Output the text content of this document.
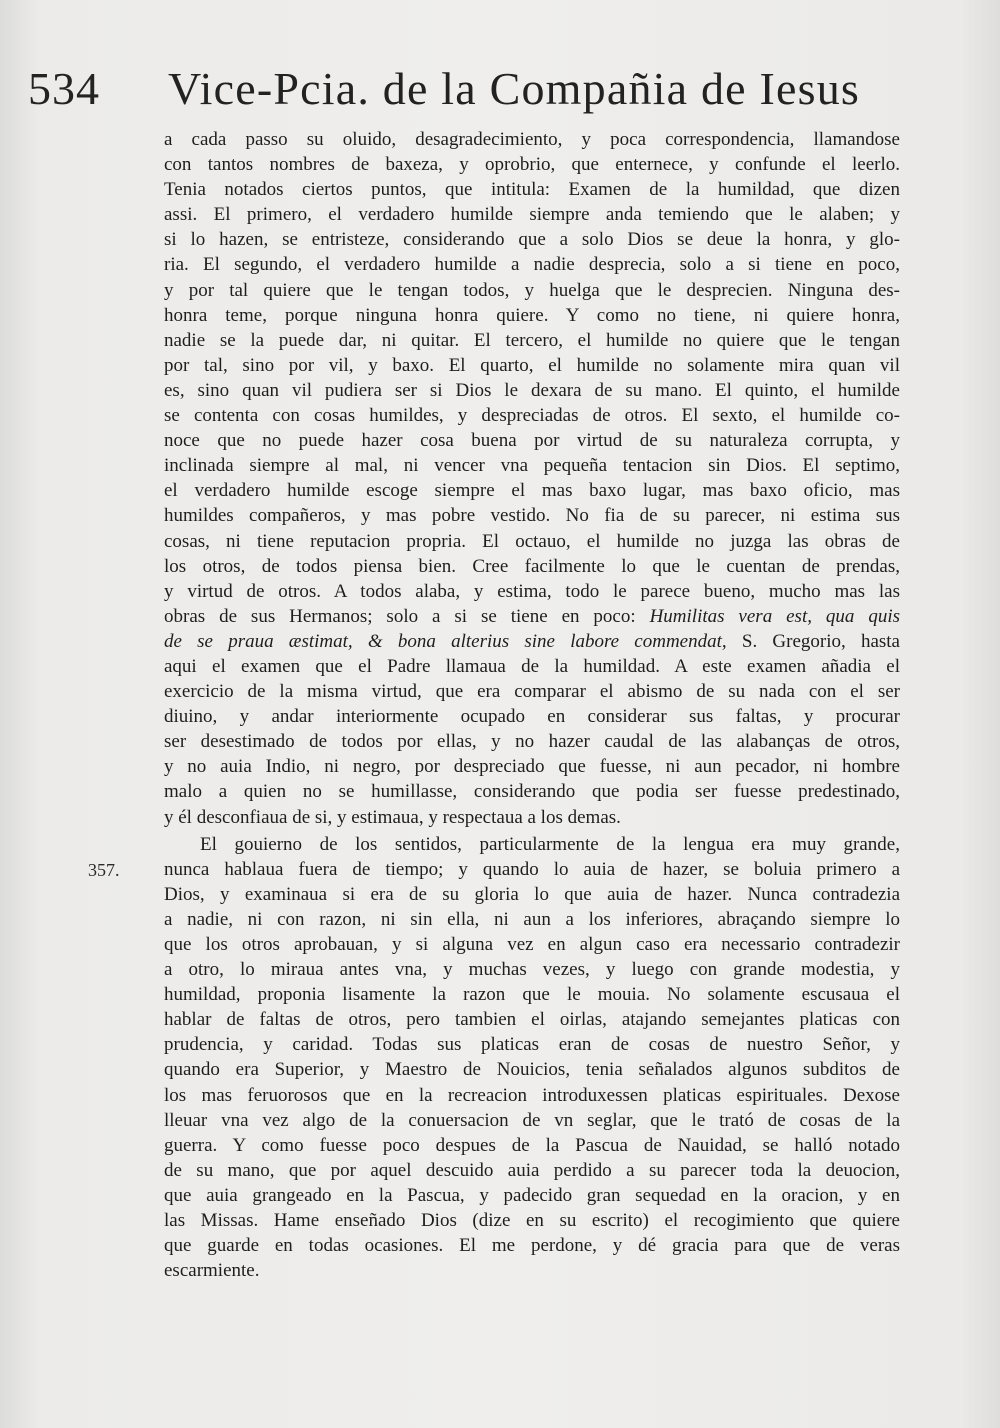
534 Vice-Pcia. de la Compañia de Iesus
357.
a cada passo su oluido, desagradecimiento, y poca correspondencia, llamandose
con tantos nombres de baxeza, y oprobrio, que enternece, y confunde el leerlo.
Tenia notados ciertos puntos, que intitula: Examen de la humildad, que dizen
assi. El primero, el verdadero humilde siempre anda temiendo que le alaben; y
si lo hazen, se entristeze, considerando que a solo Dios se deue la honra, y glo-
ria. El segundo, el verdadero humilde a nadie desprecia, solo a si tiene en poco,
y por tal quiere que le tengan todos, y huelga que le desprecien. Ninguna des-
honra teme, porque ninguna honra quiere. Y como no tiene, ni quiere honra,
nadie se la puede dar, ni quitar. El tercero, el humilde no quiere que le tengan
por tal, sino por vil, y baxo. El quarto, el humilde no solamente mira quan vil
es, sino quan vil pudiera ser si Dios le dexara de su mano. El quinto, el humilde
se contenta con cosas humildes, y despreciadas de otros. El sexto, el humilde co-
noce que no puede hazer cosa buena por virtud de su naturaleza corrupta, y
inclinada siempre al mal, ni vencer vna pequeña tentacion sin Dios. El septimo,
el verdadero humilde escoge siempre el mas baxo lugar, mas baxo oficio, mas
humildes compañeros, y mas pobre vestido. No fia de su parecer, ni estima sus
cosas, ni tiene reputacion propria. El octauo, el humilde no juzga las obras de
los otros, de todos piensa bien. Cree facilmente lo que le cuentan de prendas,
y virtud de otros. A todos alaba, y estima, todo le parece bueno, mucho mas las
obras de sus Hermanos; solo a si se tiene en poco: Humilitas vera est, qua quis
de se praua æstimat, & bona alterius sine labore commendat, S. Gregorio, hasta
aqui el examen que el Padre llamaua de la humildad. A este examen añadia el
exercicio de la misma virtud, que era comparar el abismo de su nada con el ser
diuino, y andar interiormente ocupado en considerar sus faltas, y procurar
ser desestimado de todos por ellas, y no hazer caudal de las alabanças de otros,
y no auia Indio, ni negro, por despreciado que fuesse, ni aun pecador, ni hombre
malo a quien no se humillasse, considerando que podia ser fuesse predestinado,
y él desconfiaua de si, y estimaua, y respectaua a los demas.
El gouierno de los sentidos, particularmente de la lengua era muy grande,
nunca hablaua fuera de tiempo; y quando lo auia de hazer, se boluia primero a
Dios, y examinaua si era de su gloria lo que auia de hazer. Nunca contradezia
a nadie, ni con razon, ni sin ella, ni aun a los inferiores, abraçando siempre lo
que los otros aprobauan, y si alguna vez en algun caso era necessario contradezir
a otro, lo miraua antes vna, y muchas vezes, y luego con grande modestia, y
humildad, proponia lisamente la razon que le mouia. No solamente escusaua el
hablar de faltas de otros, pero tambien el oirlas, atajando semejantes platicas con
prudencia, y caridad. Todas sus platicas eran de cosas de nuestro Señor, y
quando era Superior, y Maestro de Nouicios, tenia señalados algunos subditos de
los mas feruorosos que en la recreacion introduxessen platicas espirituales. Dexose
lleuar vna vez algo de la conuersacion de vn seglar, que le trató de cosas de la
guerra. Y como fuesse poco despues de la Pascua de Nauidad, se halló notado
de su mano, que por aquel descuido auia perdido a su parecer toda la deuocion,
que auia grangeado en la Pascua, y padecido gran sequedad en la oracion, y en
las Missas. Hame enseñado Dios (dize en su escrito) el recogimiento que quiere
que guarde en todas ocasiones. El me perdone, y dé gracia para que de veras
escarmiente.
